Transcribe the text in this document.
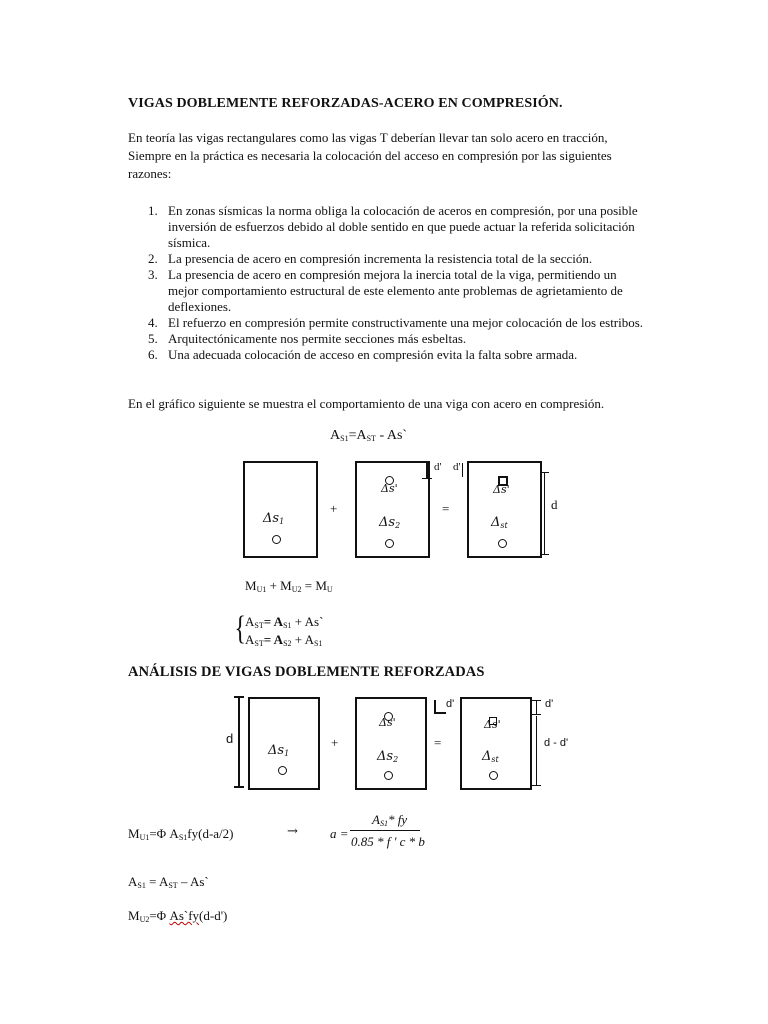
VIGAS DOBLEMENTE REFORZADAS-ACERO EN COMPRESIÓN.
En teoría las vigas rectangulares como las vigas T deberían llevar tan solo acero en tracción,
Siempre en la práctica es necesaria la colocación del acceso en compresión por las siguientes
razones:
1. En zonas sísmicas la norma obliga la colocación de aceros en compresión, por una posible
inversión de esfuerzos debido al doble sentido en que puede actuar la referida solicitación
sísmica.
2. La presencia de acero en compresión incrementa la resistencia total de la sección.
3. La presencia de acero en compresión mejora la inercia total de la viga, permitiendo un
mejor comportamiento estructural de este elemento ante problemas de agrietamiento de
deflexiones.
4. El refuerzo en compresión permite constructivamente una mejor colocación de los estribos.
5. Arquitectónicamente nos permite secciones más esbeltas.
6. Una adecuada colocación de acceso en compresión evita la falta sobre armada.
En el gráfico siguiente se muestra el comportamiento de una viga con acero en compresión.
$A_{S1}=A_{ST}$ - As`
$\Delta s_1$
+
Δs'
$\Delta s_2$
=
d' d'
Δs'
Δst
d
$M_{U1} + M_{U2} = M_U$
{ $A_{ST}= A_{S1}$ + As`
$A_{ST}= A_{S2} + A_{S1}$
ANÁLISIS DE VIGAS DOBLEMENTE REFORZADAS
d
$\Delta s_1$
+
Δs'
$\Delta s_2$
d'
=
Δs'
Δst
d'
d - d'
$M_{U1}=\Phi$ $A_{S1}fy(d-a/2)$	→ a =
$A_{S1}*$ fy
0.85 * f ' c * b
$A_{S1} = A_{ST}$ – As`
$M_{U2}=\Phi$ As`fy(d-d')
